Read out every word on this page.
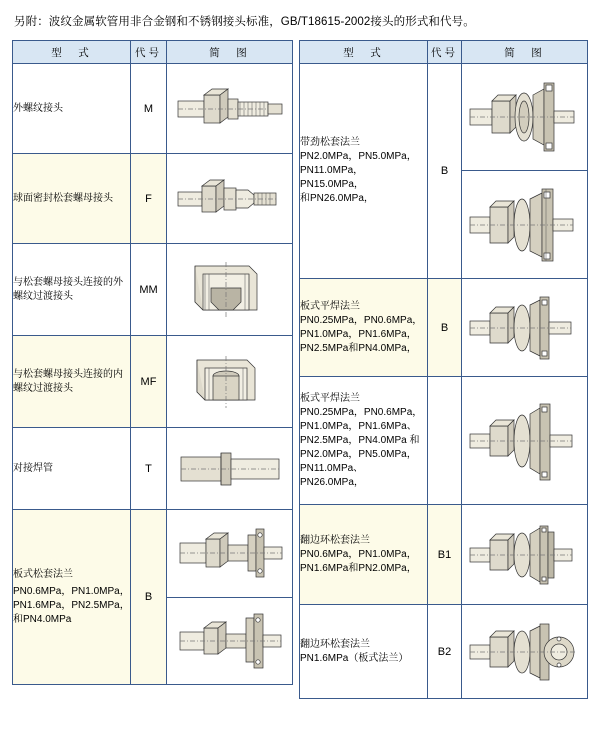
另附：波纹金属软管用非合金钢和不锈钢接头标准，GB/T18615-2002接头的形式和代号。
型　式	代号	简　图
外螺纹接头	M	

球面密封松套螺母接头	F	

与松套螺母接头连接的外螺纹过渡接头	MM	

与松套螺母接头连接的内螺纹过渡接头	MF	

对接焊管	T	

板式松套法兰
PN0.6MPa，PN1.0MPa，PN1.6MPa，PN2.5MPa，和PN4.0MPa	B	
型　式	代号	简　图

带劲松套法兰
PN2.0MPa，PN5.0MPa，
PN11.0MPa，PN15.0MPa，
和PN26.0MPa，	B	

板式平焊法兰
PN0.25MPa，PN0.6MPa，
PN1.0MPa，PN1.6MPa，
PN2.5MPa和PN4.0MPa，	B	

板式平焊法兰
PN0.25MPa，PN0.6MPa，
PN1.0MPa，PN1.6MPa、
PN2.5MPa，PN4.0MPa 和
PN2.0MPa，PN5.0MPa，
PN11.0MPa、PN26.0MPa，

翻边环松套法兰
PN0.6MPa，PN1.0MPa，
PN1.6MPa和PN2.0MPa，	B1	

翻边环松套法兰
PN1.6MPa（板式法兰）	B2	
